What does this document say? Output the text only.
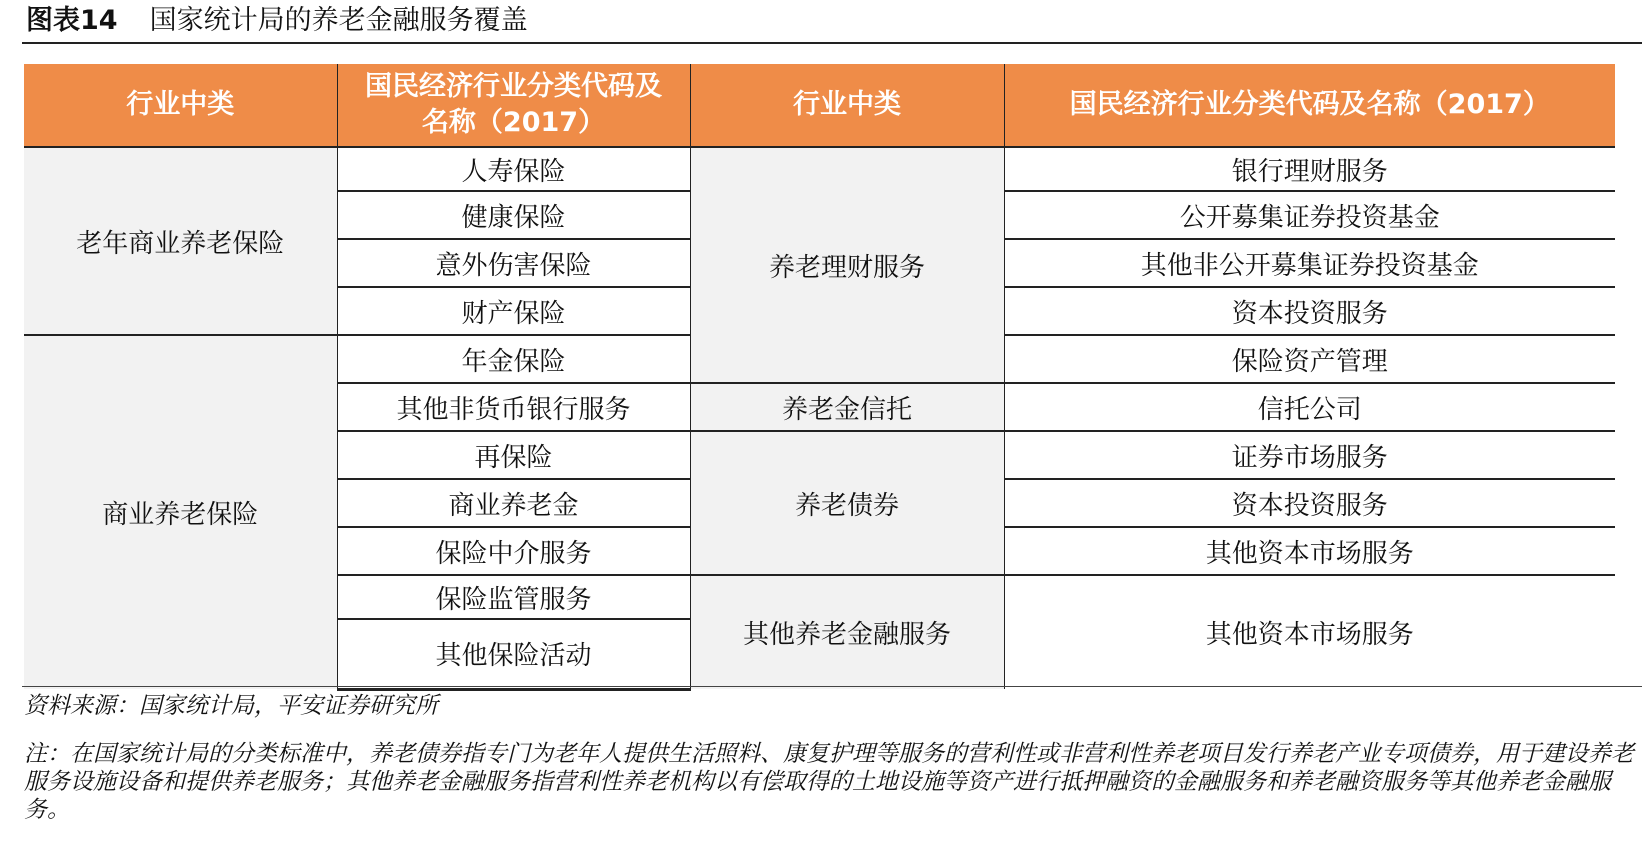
图表14 国家统计局的养老金融服务覆盖
行业中类	国民经济行业分类代码及名称（2017）	行业中类	国民经济行业分类代码及名称（2017）
老年商业养老保险	人寿保险	养老理财服务	银行理财服务
	健康保险		公开募集证券投资基金
	意外伤害保险		其他非公开募集证券投资基金
	财产保险		资本投资服务
商业养老保险	年金保险		保险资产管理
	其他非货币银行服务	养老金信托	信托公司
	再保险	养老债券	证券市场服务
	商业养老金		资本投资服务
	保险中介服务		其他资本市场服务
	保险监管服务	其他养老金融服务	其他资本市场服务
	其他保险活动		
资料来源：国家统计局，平安证券研究所
注：在国家统计局的分类标准中，养老债券指专门为老年人提供生活照料、康复护理等服务的营利性或非营利性养老项目发行养老产业专项债券，用于建设养老服务设施设备和提供养老服务；其他养老金融服务指营利性养老机构以有偿取得的土地设施等资产进行抵押融资的金融服务和养老融资服务等其他养老金融服务。
